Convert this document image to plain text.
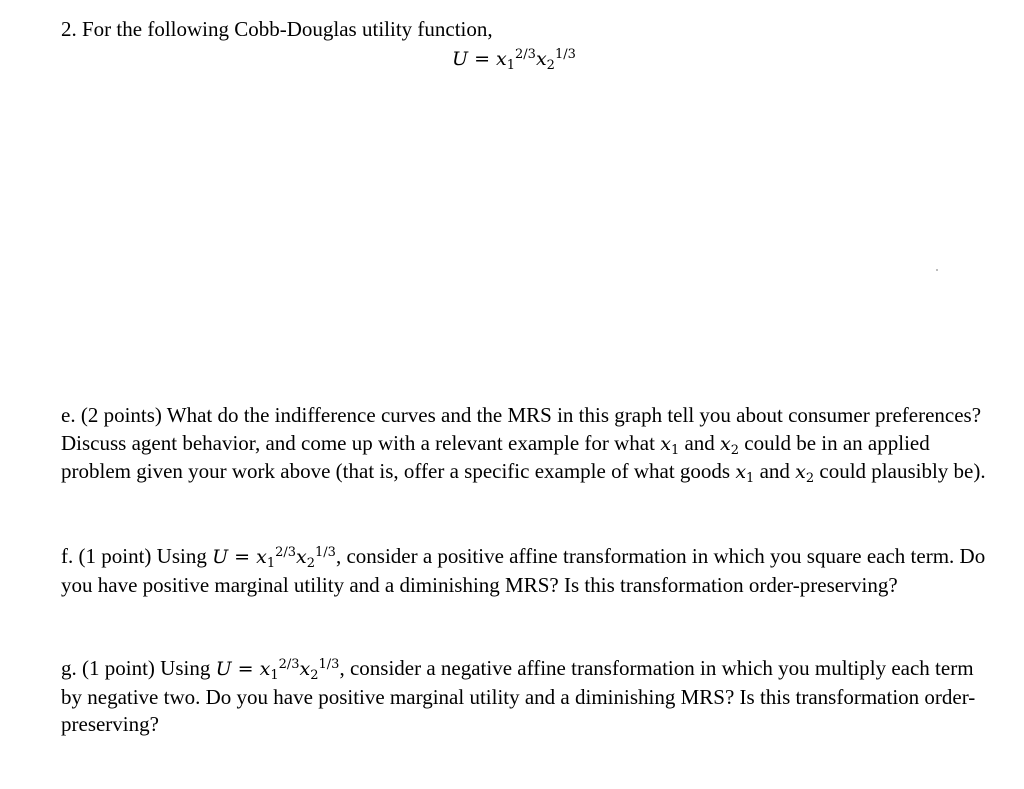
2. For the following Cobb-Douglas utility function,
$U = x_1^{2/3}x_2^{1/3}$
e. (2 points) What do the indifference curves and the MRS in this graph tell you about consumer preferences? Discuss agent behavior, and come up with a relevant example for what $x_1$ and $x_2$ could be in an applied problem given your work above (that is, offer a specific example of what goods $x_1$ and $x_2$ could plausibly be).
f. (1 point) Using $U = x_1^{2/3}x_2^{1/3}$, consider a positive affine transformation in which you square each term. Do you have positive marginal utility and a diminishing MRS? Is this transformation order-preserving?
g. (1 point) Using $U = x_1^{2/3}x_2^{1/3}$, consider a negative affine transformation in which you multiply each term by negative two. Do you have positive marginal utility and a diminishing MRS? Is this transformation order-preserving?
